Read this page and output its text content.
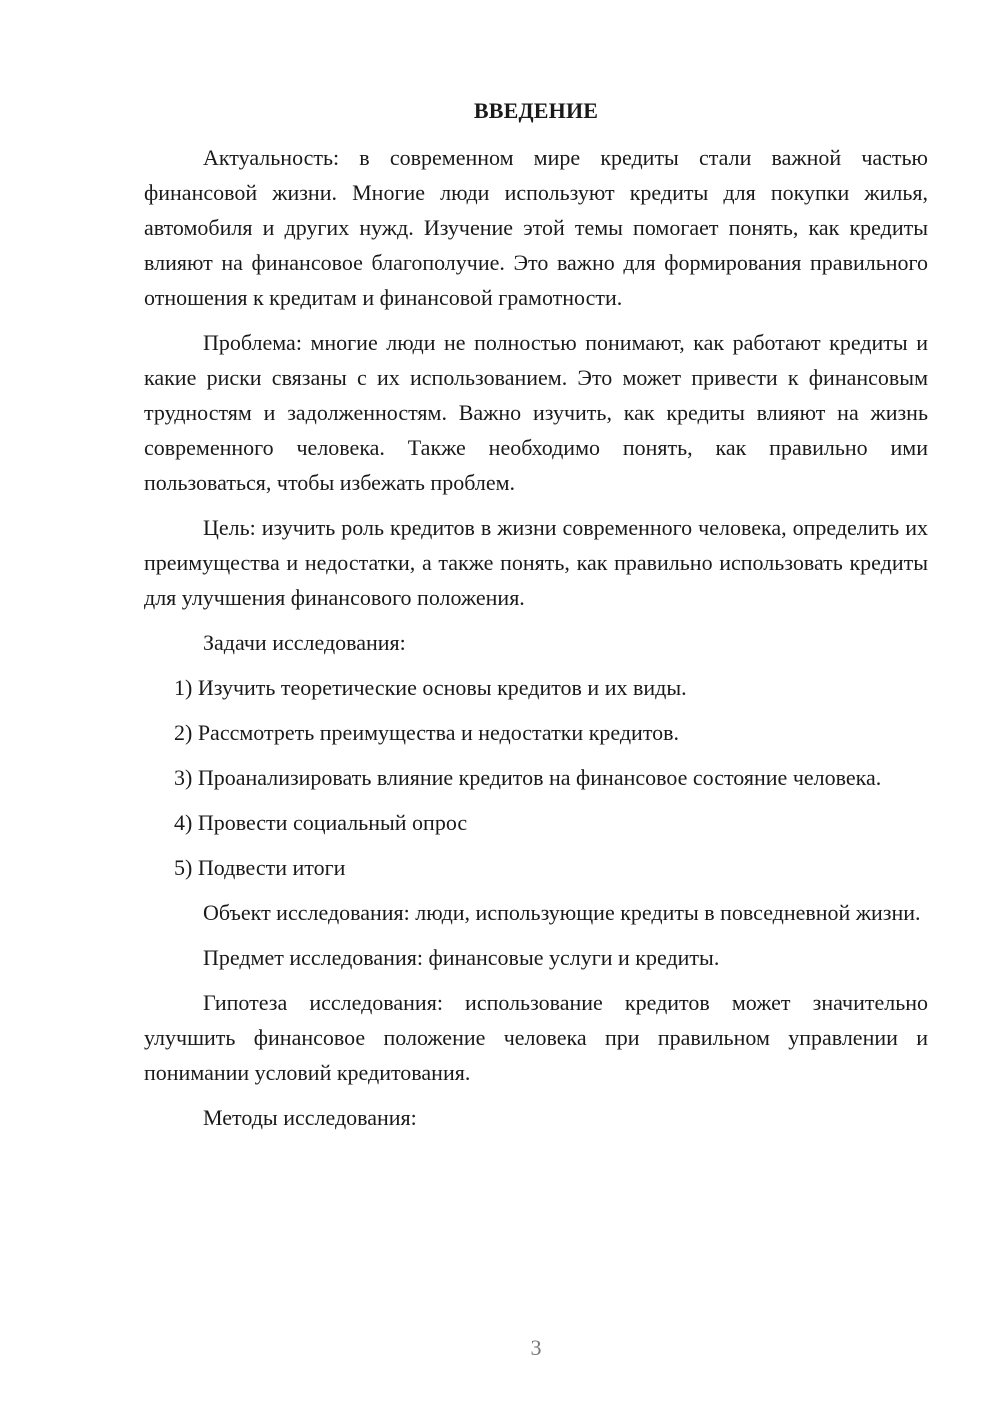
ВВЕДЕНИЕ

Актуальность: в современном мире кредиты стали важной частью финансовой жизни. Многие люди используют кредиты для покупки жилья, автомобиля и других нужд. Изучение этой темы помогает понять, как кредиты влияют на финансовое благополучие. Это важно для формирования правильного отношения к кредитам и финансовой грамотности.

Проблема: многие люди не полностью понимают, как работают кредиты и какие риски связаны с их использованием. Это может привести к финансовым трудностям и задолженностям. Важно изучить, как кредиты влияют на жизнь современного человека. Также необходимо понять, как правильно ими пользоваться, чтобы избежать проблем.

Цель: изучить роль кредитов в жизни современного человека, определить их преимущества и недостатки, а также понять, как правильно использовать кредиты для улучшения финансового положения.

Задачи исследования:

1) Изучить теоретические основы кредитов и их виды.

2) Рассмотреть преимущества и недостатки кредитов.

3) Проанализировать влияние кредитов на финансовое состояние человека.

4) Провести социальный опрос

5) Подвести итоги

Объект исследования: люди, использующие кредиты в повседневной жизни.

Предмет исследования: финансовые услуги и кредиты.

Гипотеза исследования: использование кредитов может значительно улучшить финансовое положение человека при правильном управлении и понимании условий кредитования.

Методы исследования:

3
